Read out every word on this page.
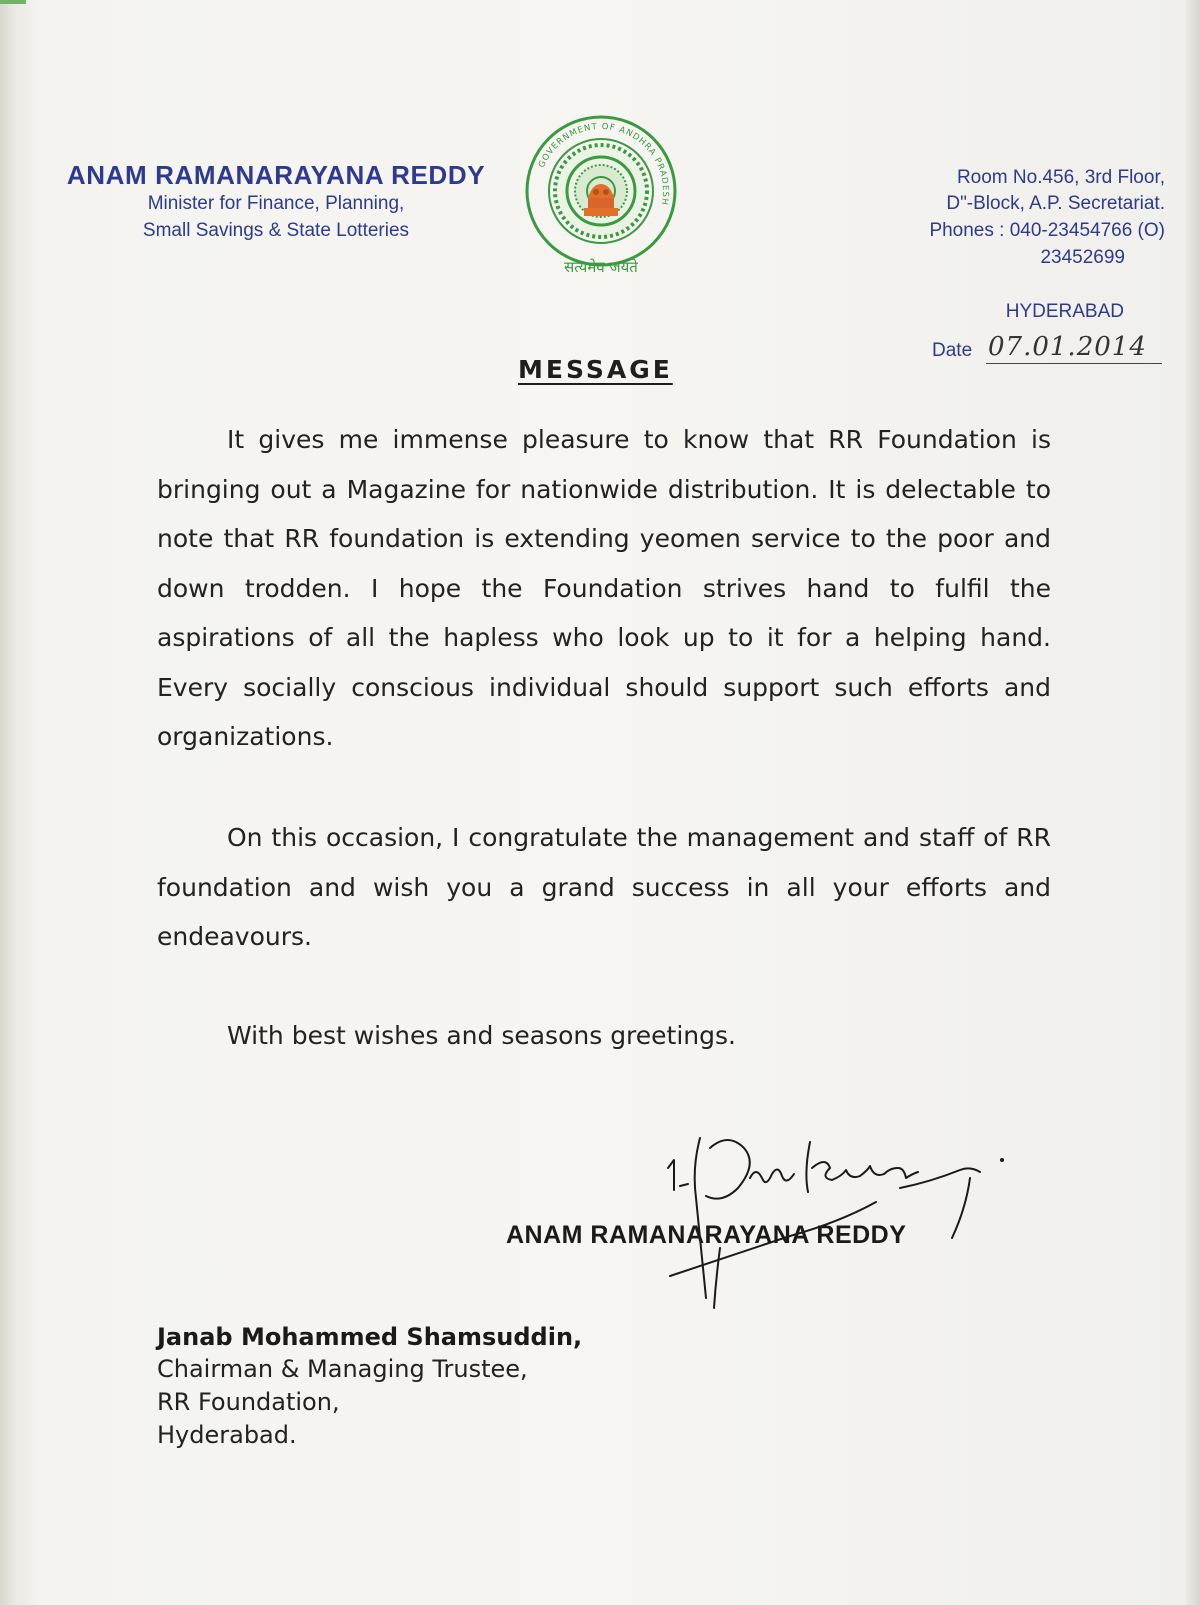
ANAM RAMANARAYANA REDDY
Minister for Finance, Planning,
Small Savings & State Lotteries
GOVERNMENT OF ANDHRA PRADESH
सत्यमेव जयते
Room No.456, 3rd Floor,
D"-Block, A.P. Secretariat.
Phones : 040-23454766 (O)
23452699
HYDERABAD
Date 07.01.2014
MESSAGE

It gives me immense pleasure to know that RR Foundation is bringing out a Magazine for nationwide distribution. It is delectable to note that RR foundation is extending yeomen service to the poor and down trodden. I hope the Foundation strives hand to fulfil the aspirations of all the hapless who look up to it for a helping hand. Every socially conscious individual should support such efforts and organizations.

On this occasion, I congratulate the management and staff of RR foundation and wish you a grand success in all your efforts and endeavours.

With best wishes and seasons greetings.

ANAM RAMANARAYANA REDDY
Janab Mohammed Shamsuddin,
Chairman & Managing Trustee,
RR Foundation,
Hyderabad.
